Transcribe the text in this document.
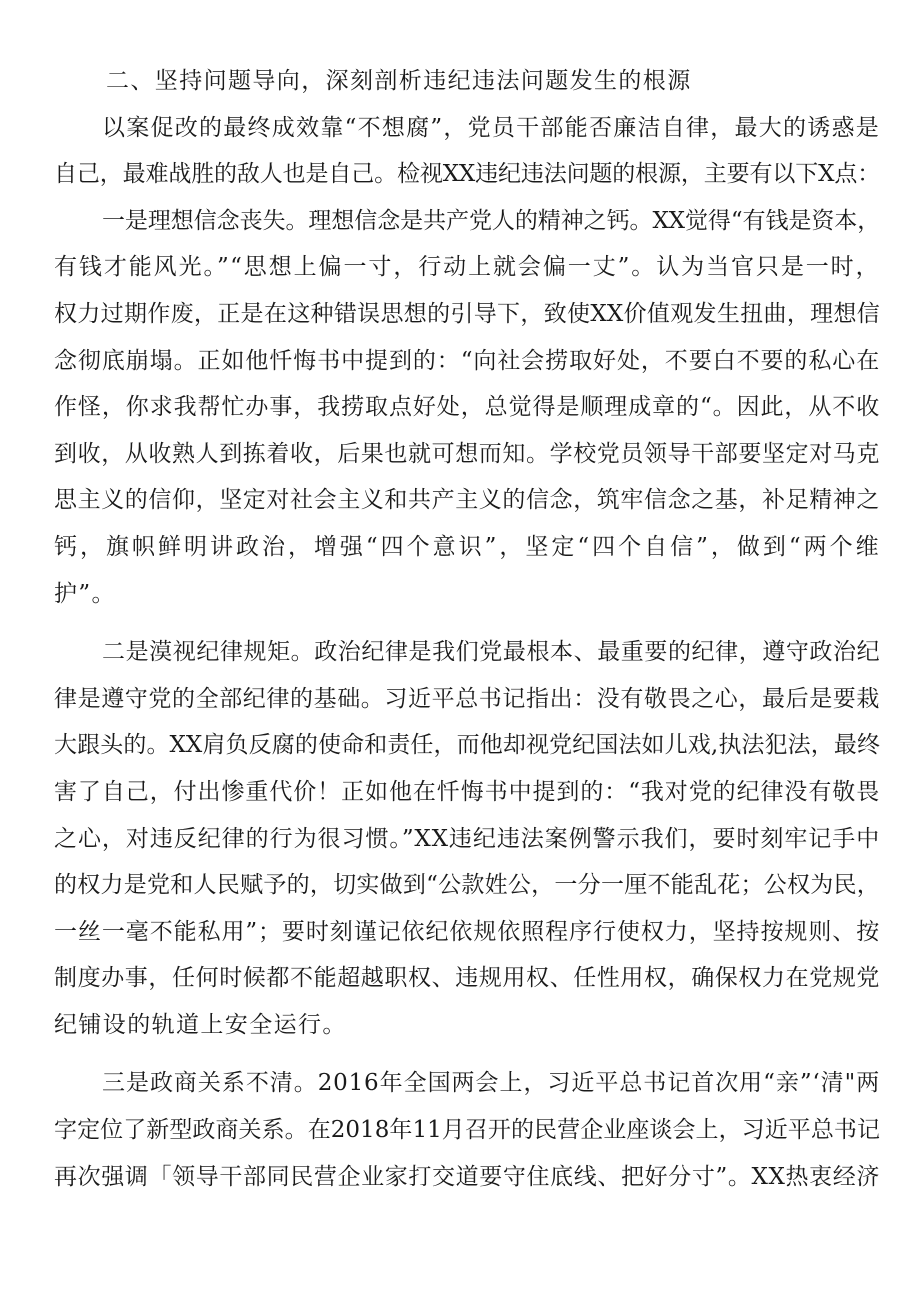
二、坚持问题导向，深刻剖析违纪违法问题发生的根源
以案促改的最终成效靠“不想腐”，党员干部能否廉洁自律，最大的诱惑是
自己，最难战胜的敌人也是自己。检视XX违纪违法问题的根源，主要有以下X点：
一是理想信念丧失。理想信念是共产党人的精神之钙。XX觉得“有钱是资本，
有钱才能风光。”“思想上偏一寸，行动上就会偏一丈”。认为当官只是一时，
权力过期作废，正是在这种错误思想的引导下，致使XX价值观发生扭曲，理想信
念彻底崩塌。正如他忏悔书中提到的：“向社会捞取好处，不要白不要的私心在
作怪，你求我帮忙办事，我捞取点好处，总觉得是顺理成章的“。因此，从不收
到收，从收熟人到拣着收，后果也就可想而知。学校党员领导干部要坚定对马克
思主义的信仰，坚定对社会主义和共产主义的信念，筑牢信念之基，补足精神之
钙，旗帜鲜明讲政治，增强“四个意识”，坚定“四个自信”，做到“两个维
护”。
二是漠视纪律规矩。政治纪律是我们党最根本、最重要的纪律，遵守政治纪
律是遵守党的全部纪律的基础。习近平总书记指出：没有敬畏之心，最后是要栽
大跟头的。XX肩负反腐的使命和责任，而他却视党纪国法如儿戏,执法犯法，最终
害了自己，付出惨重代价！正如他在忏悔书中提到的：“我对党的纪律没有敬畏
之心，对违反纪律的行为很习惯。”XX违纪违法案例警示我们，要时刻牢记手中
的权力是党和人民赋予的，切实做到“公款姓公，一分一厘不能乱花；公权为民，
一丝一毫不能私用”；要时刻谨记依纪依规依照程序行使权力，坚持按规则、按
制度办事，任何时候都不能超越职权、违规用权、任性用权，确保权力在党规党
纪铺设的轨道上安全运行。
三是政商关系不清。2016年全国两会上，习近平总书记首次用“亲”‘清"两
字定位了新型政商关系。在2018年11月召开的民营企业座谈会上，习近平总书记
再次强调「领导干部同民营企业家打交道要守住底线、把好分寸”。XX热衷经济
